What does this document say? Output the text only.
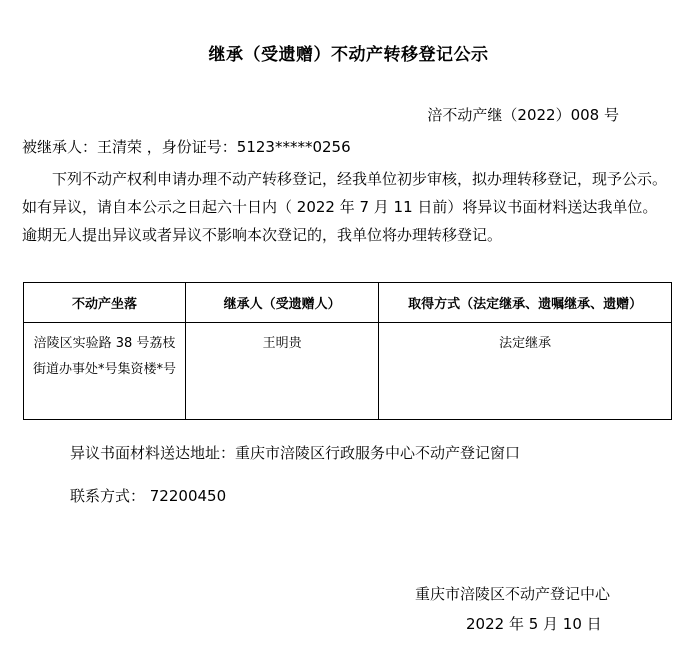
继承（受遗赠）不动产转移登记公示
涪不动产继（2022）008 号
被继承人：王清荣 ，身份证号：5123*****0256

下列不动产权利申请办理不动产转移登记，经我单位初步审核，拟办理转移登记，现予公示。如有异议，请自本公示之日起六十日内（ 2022 年 7 月 11 日前）将异议书面材料送达我单位。逾期无人提出异议或者异议不影响本次登记的，我单位将办理转移登记。

不动产坐落	继承人（受遗赠人）	取得方式（法定继承、遗嘱继承、遗赠）
涪陵区实验路 38 号荔枝街道办事处*号集资楼*号	王明贵	法定继承
异议书面材料送达地址：重庆市涪陵区行政服务中心不动产登记窗口
联系方式： 72200450
重庆市涪陵区不动产登记中心
2022 年 5 月 10 日
